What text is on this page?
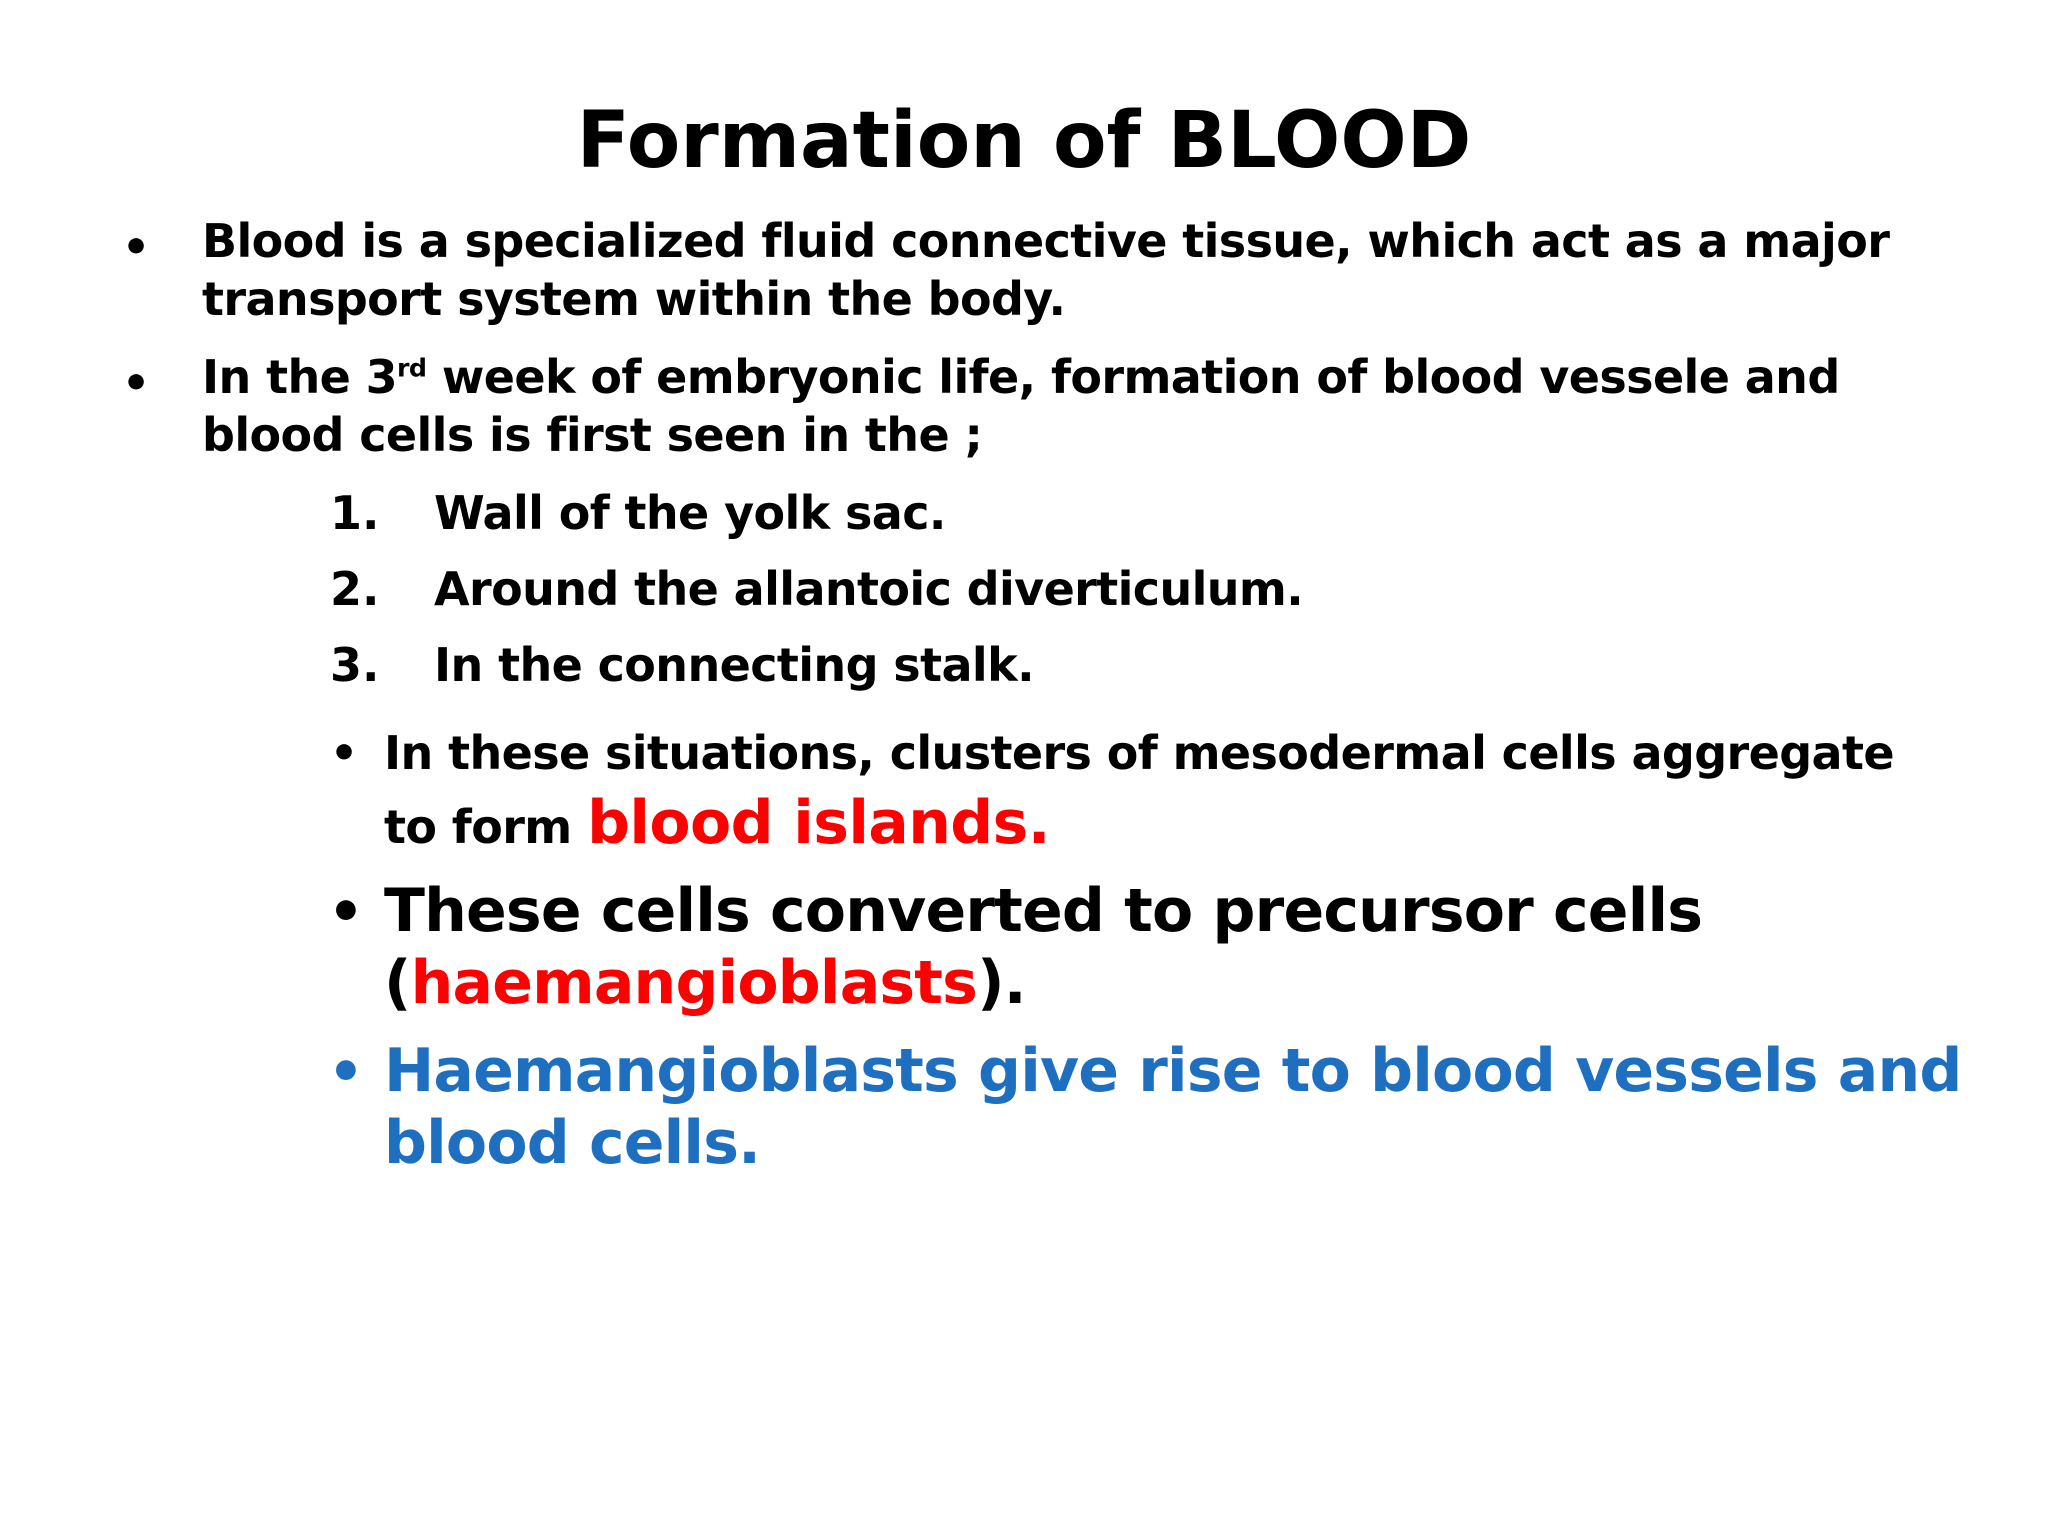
Formation of BLOOD
• Blood is a specialized fluid connective tissue, which act as a major
transport system within the body.
• In the 3rd week of embryonic life, formation of blood vessele and
blood cells is first seen in the ;
1. Wall of the yolk sac.
2. Around the allantoic diverticulum.
3. In the connecting stalk.
• In these situations, clusters of mesodermal cells aggregate
to form blood islands.
• These cells converted to precursor cells
(haemangioblasts).
• Haemangioblasts give rise to blood vessels and
blood cells.
